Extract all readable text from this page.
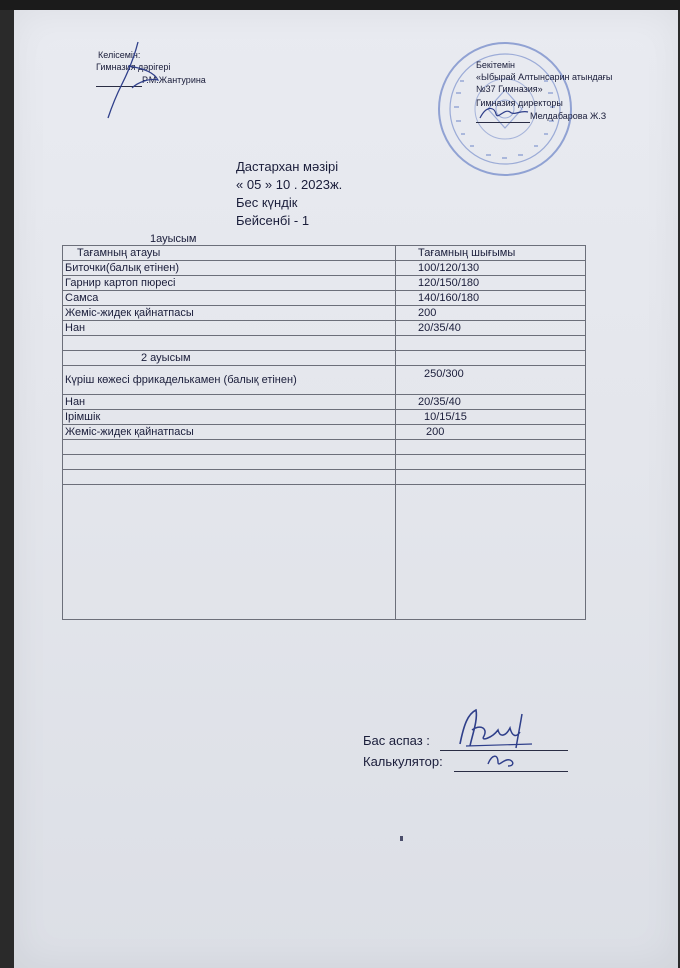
Келісемін:
Гимназия дәрігері
Р.М.Жантурина
Бекітемін
«Ыбырай Алтынсарин атындағы
№37 Гимназия»
Гимназия директоры
Мелдабарова Ж.З
Дастархан мәзірі
« 05 » 10 . 2023ж.
Бес күндік
Бейсенбі - 1
1ауысым
Тағамның атауы	Тағамның шығымы
Биточки(балық етінен)	100/120/130
Гарнир картоп пюресі	120/150/180
Самса	140/160/180
Жеміс-жидек қайнатпасы	200
Нан	20/35/40

2 ауысым	
Күріш көжесі фрикаделькамен (балық етінен)	250/300
Нан	20/35/40
Ірімшік	10/15/15
Жеміс-жидек қайнатпасы	200

Бас аспаз :
Калькулятор:
